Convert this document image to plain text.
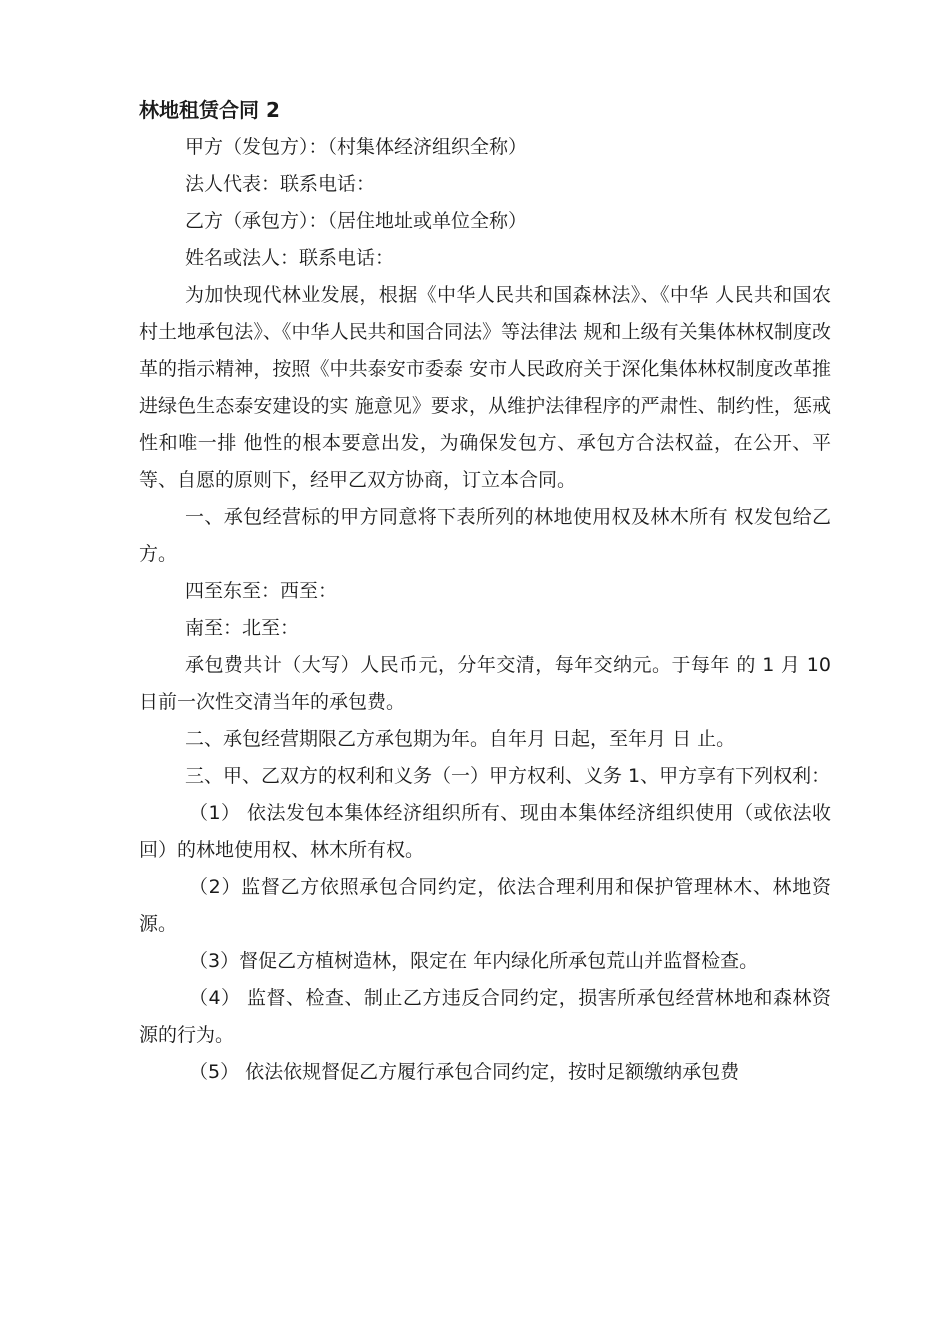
林地租赁合同 2

甲方（发包方）：（村集体经济组织全称）

法人代表：联系电话：

乙方（承包方）：（居住地址或单位全称）

姓名或法人：联系电话：

为加快现代林业发展，根据《中华人民共和国森林法》、《中华 人民共和国农村土地承包法》、《中华人民共和国合同法》等法律法 规和上级有关集体林权制度改革的指示精神，按照《中共泰安市委泰 安市人民政府关于深化集体林权制度改革推进绿色生态泰安建设的实 施意见》要求，从维护法律程序的严肃性、制约性，惩戒性和唯一排 他性的根本要意出发，为确保发包方、承包方合法权益，在公开、平 等、自愿的原则下，经甲乙双方协商，订立本合同。

一、承包经营标的甲方同意将下表所列的林地使用权及林木所有 权发包给乙方。

四至东至：西至：

南至：北至：

承包费共计（大写）人民币元，分年交清，每年交纳元。于每年 的 1 月 10 日前一次性交清当年的承包费。

二、承包经营期限乙方承包期为年。自年月 日起，至年月 日 止。

三、甲、乙双方的权利和义务（一）甲方权利、义务 1、甲方享有下列权利：

（1） 依法发包本集体经济组织所有、现由本集体经济组织使用（或依法收回）的林地使用权、林木所有权。

（2）监督乙方依照承包合同约定，依法合理利用和保护管理林木、林地资源。

（3）督促乙方植树造林，限定在 年内绿化所承包荒山并监督检查。

（4） 监督、检查、制止乙方违反合同约定，损害所承包经营林地和森林资源的行为。

（5） 依法依规督促乙方履行承包合同约定，按时足额缴纳承包费
